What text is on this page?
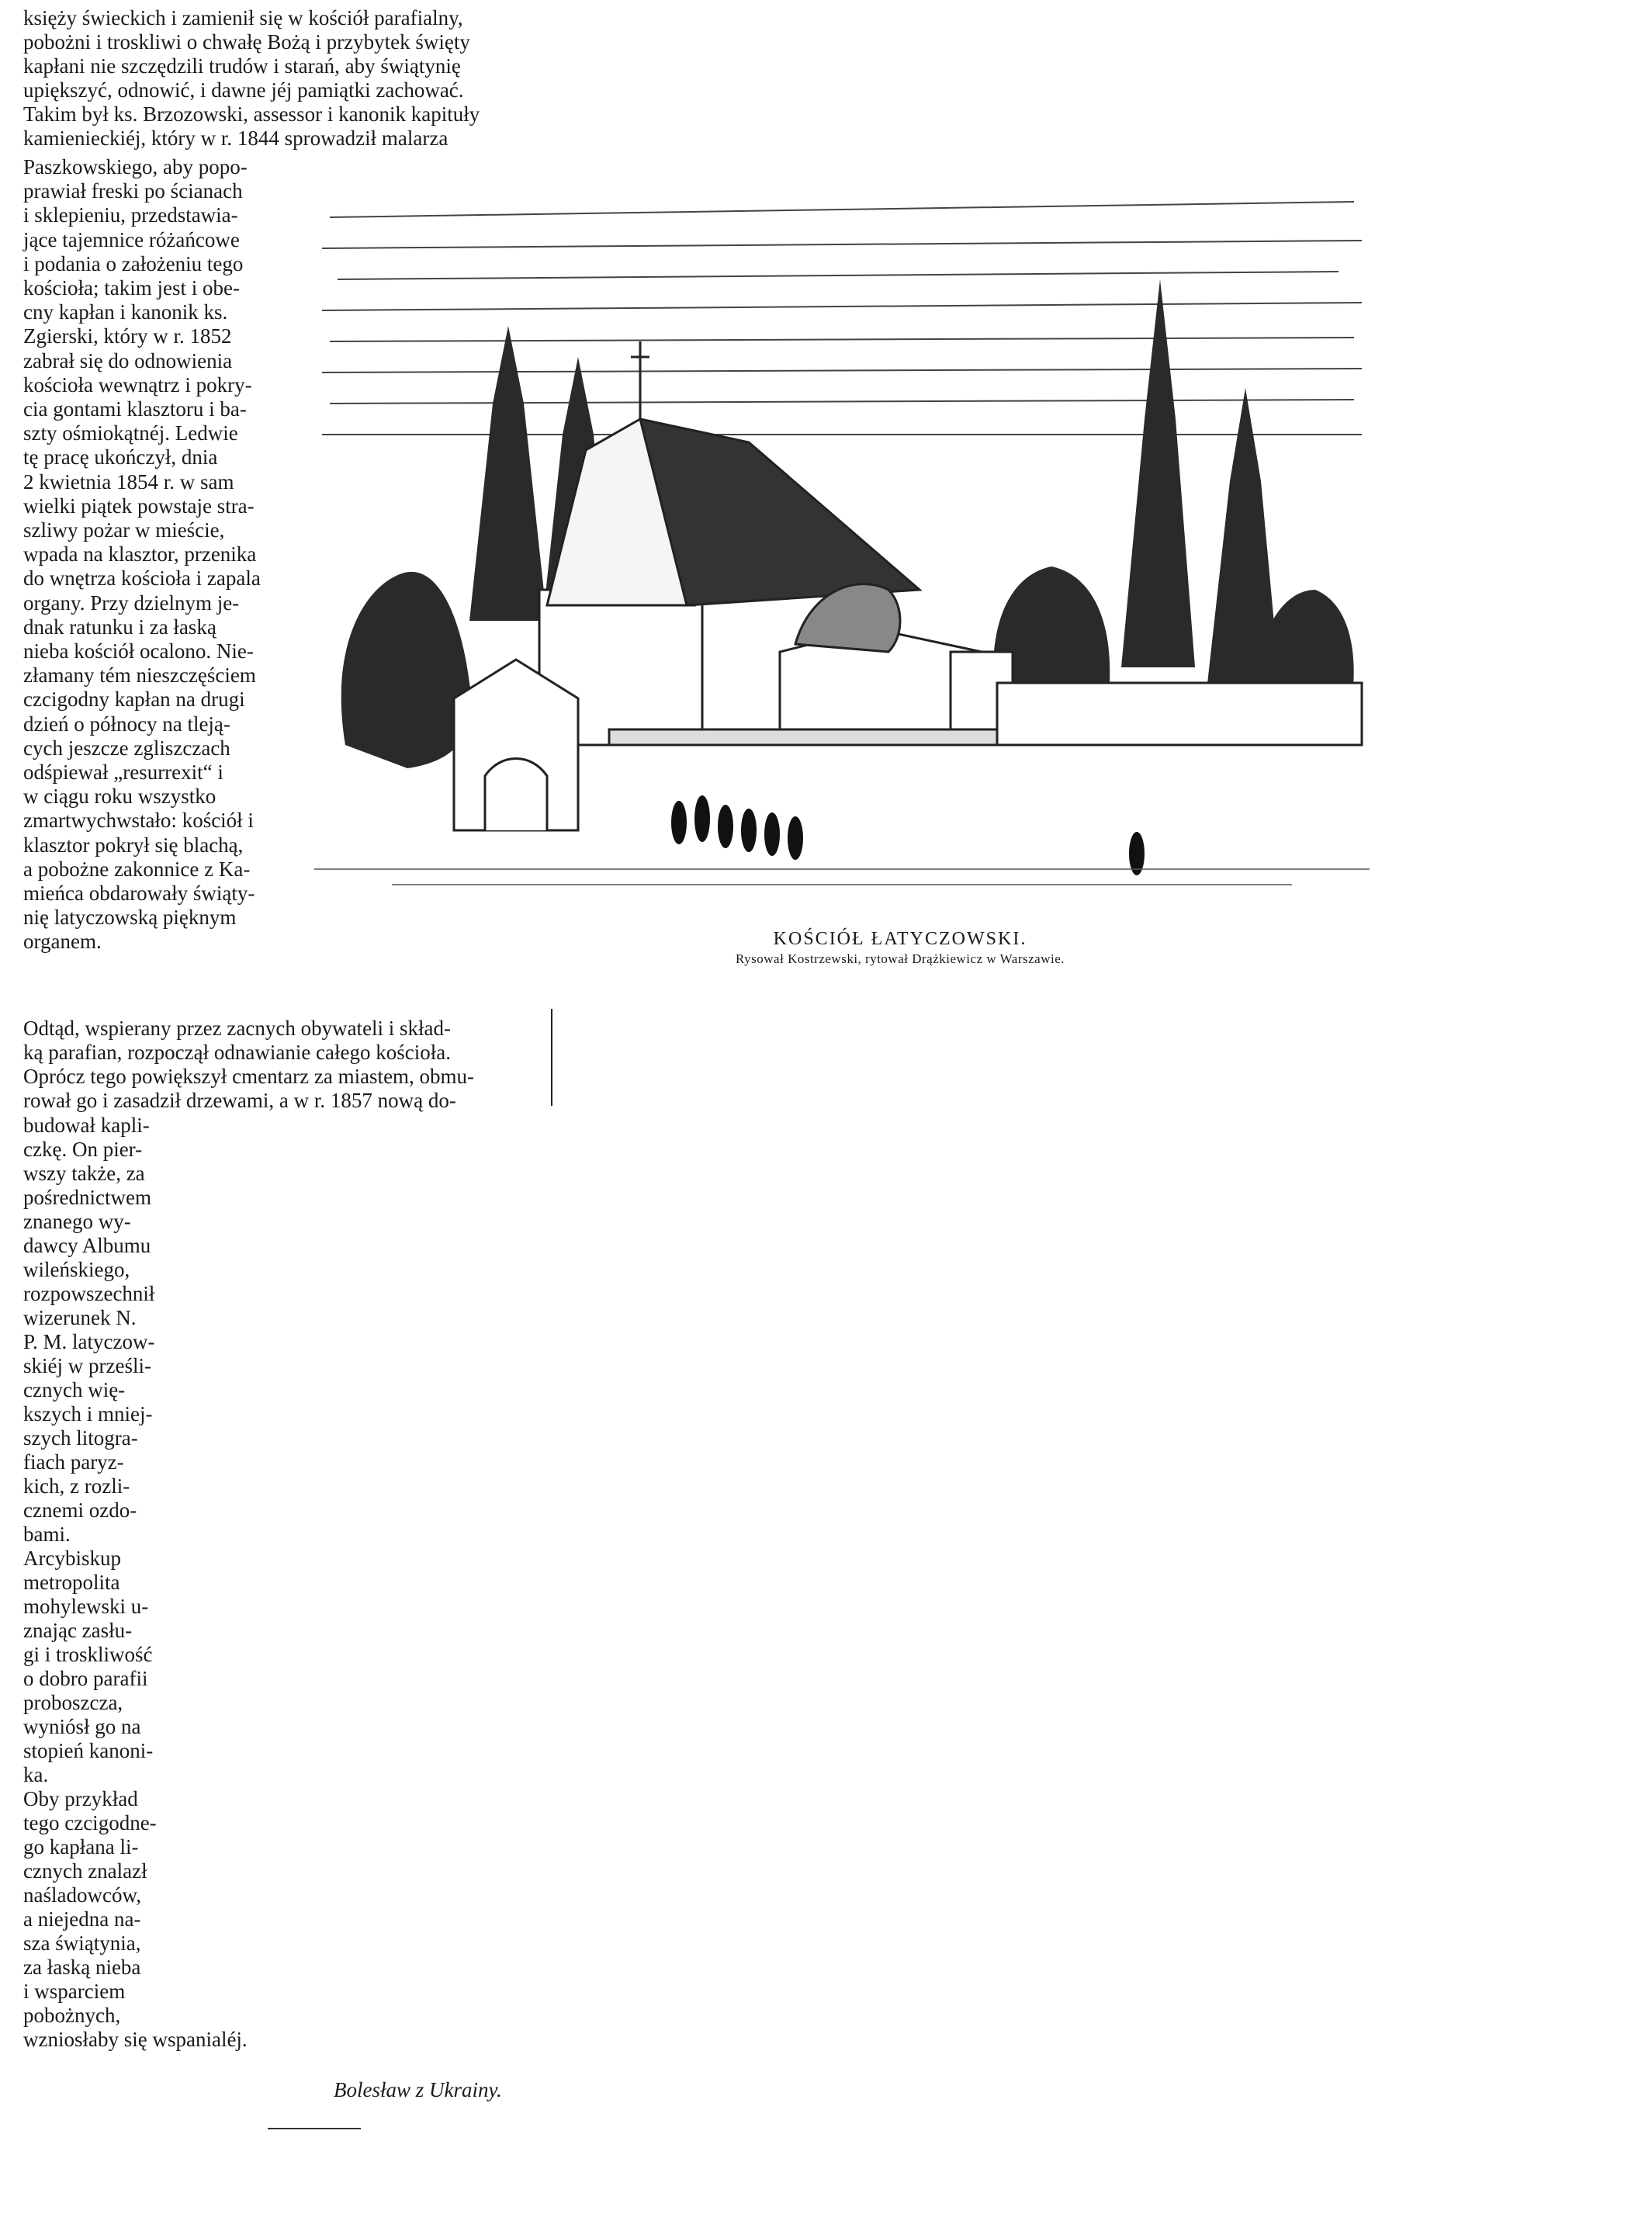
księży świeckich i zamienił się w kościół parafialny,
pobożni i troskliwi o chwałę Bożą i przybytek święty
kapłani nie szczędzili trudów i starań, aby świątynię
upiększyć, odnowić, i dawne jéj pamiątki zachować.
Takim był ks. Brzozowski, assessor i kanonik kapituły
kamienieckiéj, który w r. 1844 sprowadził malarza
Paszkowskiego, aby popo-
prawiał freski po ścianach
i sklepieniu, przedstawia-
jące tajemnice różańcowe
i podania o założeniu tego
kościoła; takim jest i obe-
cny kapłan i kanonik ks.
Zgierski, który w r. 1852
zabrał się do odnowienia
kościoła wewnątrz i pokry-
cia gontami klasztoru i ba-
szty ośmiokątnéj. Ledwie
tę pracę ukończył, dnia
2 kwietnia 1854 r. w sam
wielki piątek powstaje stra-
szliwy pożar w mieście,
wpada na klasztor, przenika
do wnętrza kościoła i zapala
organy. Przy dzielnym je-
dnak ratunku i za łaską
nieba kościół ocalono. Nie-
złamany tém nieszczęściem
czcigodny kapłan na drugi
dzień o północy na tleją-
cych jeszcze zgliszczach
odśpiewał „resurrexit“ i
w ciągu roku wszystko
zmartwychwstało: kościół i
klasztor pokrył się blachą,
a pobożne zakonnice z Ka-
mieńca obdarowały świąty-
nię latyczowską pięknym
organem.
Odtąd, wspierany przez zacnych obywateli i skład-
ką parafian, rozpoczął odnawianie całego kościoła.
Oprócz tego powiększył cmentarz za miastem, obmu-
rował go i zasadził drzewami, a w r. 1857 nową do-
budował kapli-
czkę. On pier-
wszy także, za
pośrednictwem
znanego wy-
dawcy Albumu
wileńskiego,
rozpowszechnił
wizerunek N.
P. M. latyczow-
skiéj w prześli-
cznych wię-
kszych i mniej-
szych litogra-
fiach paryz-
kich, z rozli-
cznemi ozdo-
bami.
Arcybiskup
metropolita
mohylewski u-
znając zasłu-
gi i troskliwość
o dobro parafii
proboszcza,
wyniósł go na
stopień kanoni-
ka.
Oby przykład
tego czcigodne-
go kapłana li-
cznych znalazł
naśladowców,
a niejedna na-
sza świątynia,
za łaską nieba
i wsparciem
pobożnych,
wzniosłaby się wspanialéj.
KOŚCIÓŁ ŁATYCZOWSKI.
Rysował Kostrzewski, rytował Drążkiewicz w Warszawie.
Bolesław z Ukrainy.
